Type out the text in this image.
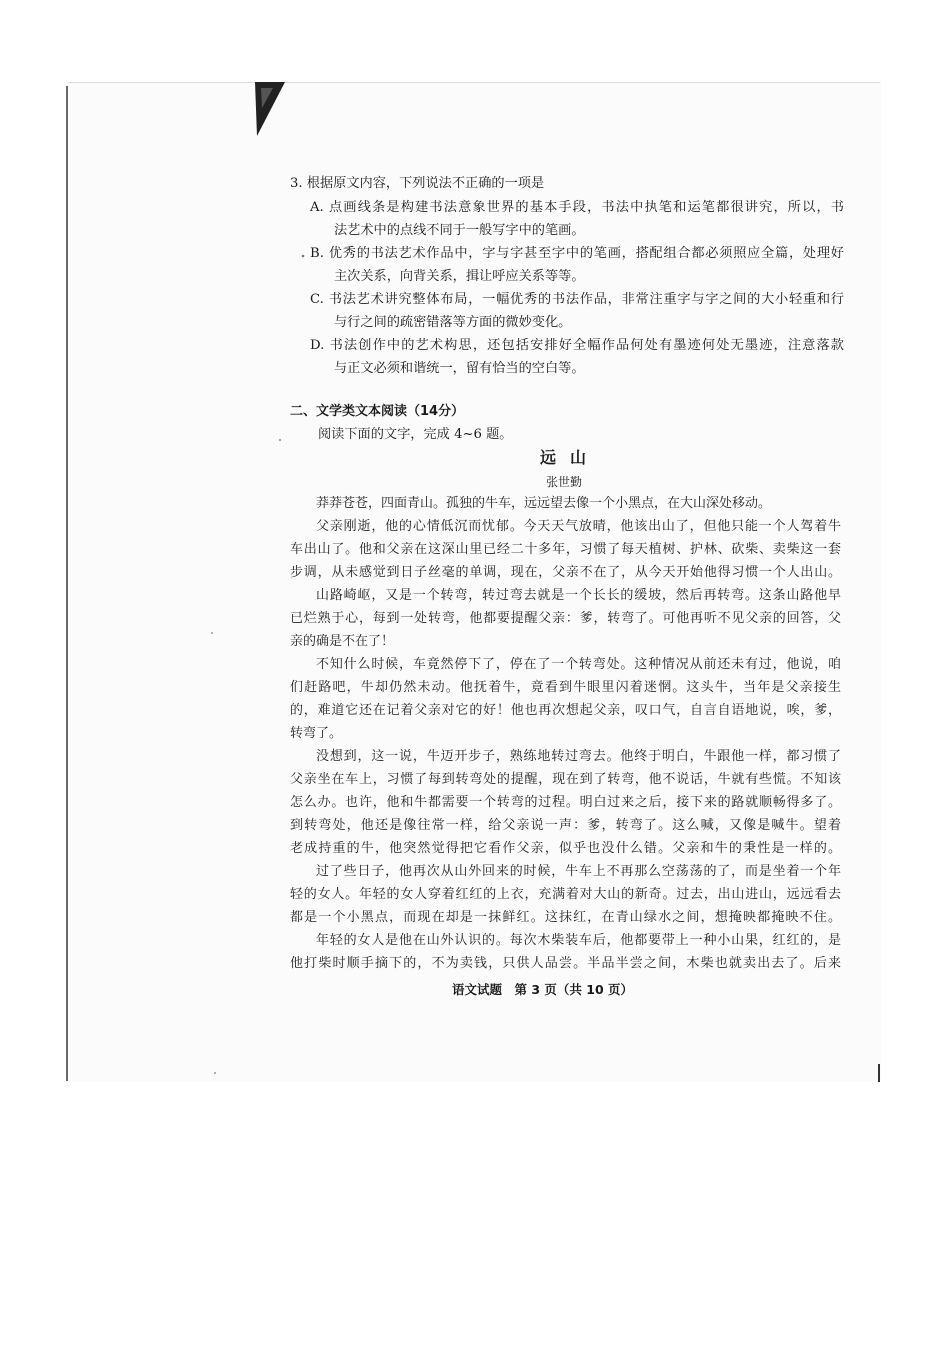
3. 根据原文内容，下列说法不正确的一项是
A. 点画线条是构建书法意象世界的基本手段，书法中执笔和运笔都很讲究，所以，书
法艺术中的点线不同于一般写字中的笔画。
B. 优秀的书法艺术作品中，字与字甚至字中的笔画，搭配组合都必须照应全篇，处理好
主次关系，向背关系，揖让呼应关系等等。
C. 书法艺术讲究整体布局，一幅优秀的书法作品，非常注重字与字之间的大小轻重和行
与行之间的疏密错落等方面的微妙变化。
D. 书法创作中的艺术构思，还包括安排好全幅作品何处有墨迹何处无墨迹，注意落款
与正文必须和谐统一，留有恰当的空白等。
二、文学类文本阅读（14分）
阅读下面的文字，完成 4~6 题。
远山
张世勤
莽莽苍苍，四面青山。孤独的牛车，远远望去像一个小黑点，在大山深处移动。
父亲刚逝，他的心情低沉而忧郁。今天天气放晴，他该出山了，但他只能一个人驾着牛
车出山了。他和父亲在这深山里已经二十多年，习惯了每天植树、护林、砍柴、卖柴这一套
步调，从未感觉到日子丝毫的单调，现在，父亲不在了，从今天开始他得习惯一个人出山。
山路崎岖，又是一个转弯，转过弯去就是一个长长的缓坡，然后再转弯。这条山路他早
已烂熟于心，每到一处转弯，他都要提醒父亲：爹，转弯了。可他再听不见父亲的回答，父
亲的确是不在了！
不知什么时候，车竟然停下了，停在了一个转弯处。这种情况从前还未有过，他说，咱
们赶路吧，牛却仍然未动。他抚着牛，竟看到牛眼里闪着迷惘。这头牛，当年是父亲接生
的，难道它还在记着父亲对它的好！他也再次想起父亲，叹口气，自言自语地说，唉，爹，
转弯了。
没想到，这一说，牛迈开步子，熟练地转过弯去。他终于明白，牛跟他一样，都习惯了
父亲坐在车上，习惯了每到转弯处的提醒，现在到了转弯，他不说话，牛就有些慌。不知该
怎么办。也许，他和牛都需要一个转弯的过程。明白过来之后，接下来的路就顺畅得多了。
到转弯处，他还是像往常一样，给父亲说一声：爹，转弯了。这么喊，又像是喊牛。望着
老成持重的牛，他突然觉得把它看作父亲，似乎也没什么错。父亲和牛的秉性是一样的。
过了些日子，他再次从山外回来的时候，牛车上不再那么空荡荡的了，而是坐着一个年
轻的女人。年轻的女人穿着红红的上衣，充满着对大山的新奇。过去，出山进山，远远看去
都是一个小黑点，而现在却是一抹鲜红。这抹红，在青山绿水之间，想掩映都掩映不住。
年轻的女人是他在山外认识的。每次木柴装车后，他都要带上一种小山果，红红的，是
他打柴时顺手摘下的，不为卖钱，只供人品尝。半品半尝之间，木柴也就卖出去了。后来
语文试题　第 3 页（共 10 页）
